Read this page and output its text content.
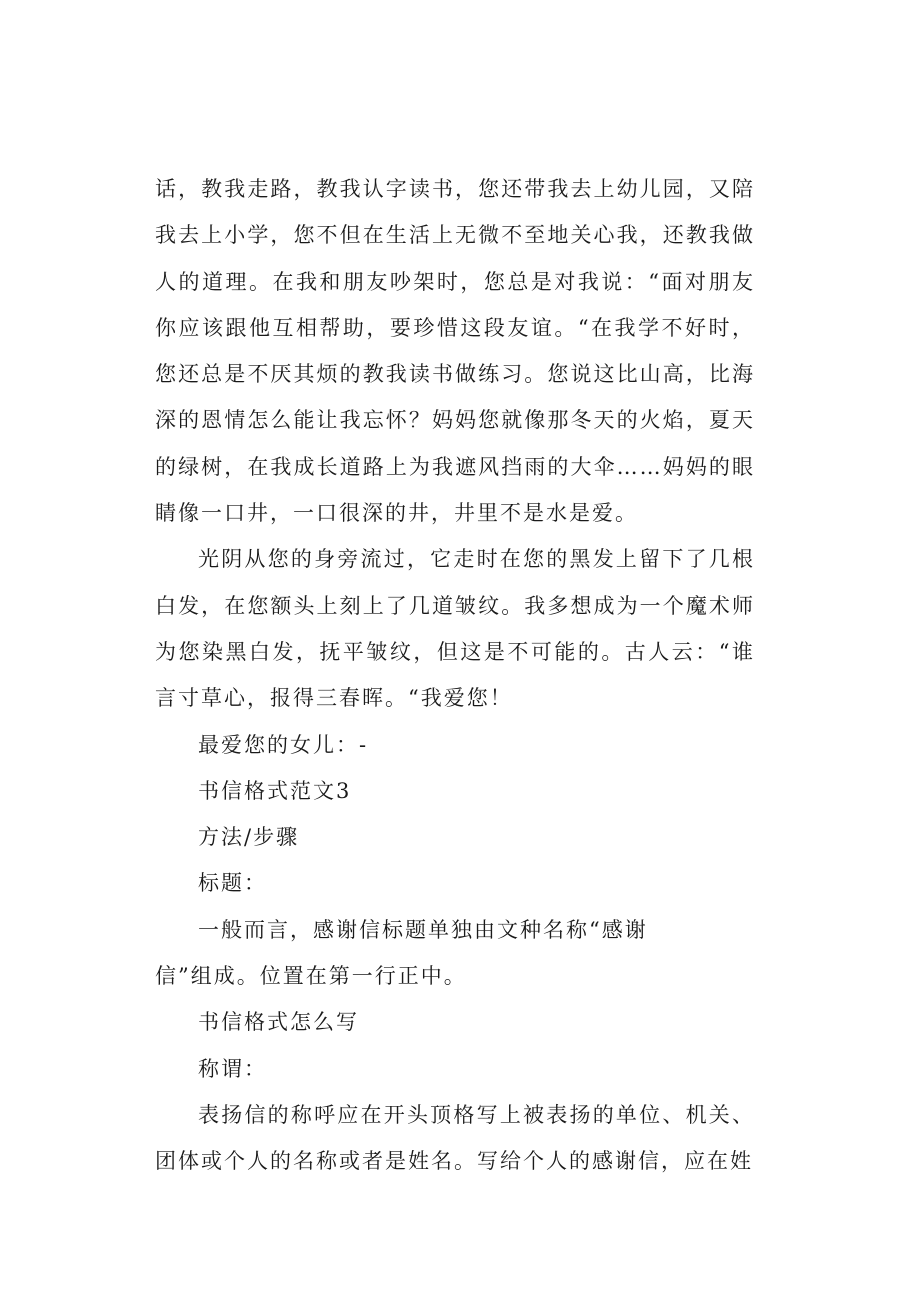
话，教我走路，教我认字读书，您还带我去上幼儿园，又陪我去上小学，您不但在生活上无微不至地关心我，还教我做人的道理。在我和朋友吵架时，您总是对我说：“面对朋友你应该跟他互相帮助，要珍惜这段友谊。“在我学不好时，您还总是不厌其烦的教我读书做练习。您说这比山高，比海深的恩情怎么能让我忘怀？妈妈您就像那冬天的火焰，夏天的绿树，在我成长道路上为我遮风挡雨的大伞……妈妈的眼睛像一口井，一口很深的井，井里不是水是爱。

光阴从您的身旁流过，它走时在您的黑发上留下了几根白发，在您额头上刻上了几道皱纹。我多想成为一个魔术师为您染黑白发，抚平皱纹，但这是不可能的。古人云：“谁言寸草心，报得三春晖。“我爱您！

最爱您的女儿：-

书信格式范文3

方法/步骤

标题：

一般而言，感谢信标题单独由文种名称“感谢信”组成。位置在第一行正中。

书信格式怎么写

称谓：

表扬信的称呼应在开头顶格写上被表扬的单位、机关、团体或个人的名称或者是姓名。写给个人的感谢信，应在姓
